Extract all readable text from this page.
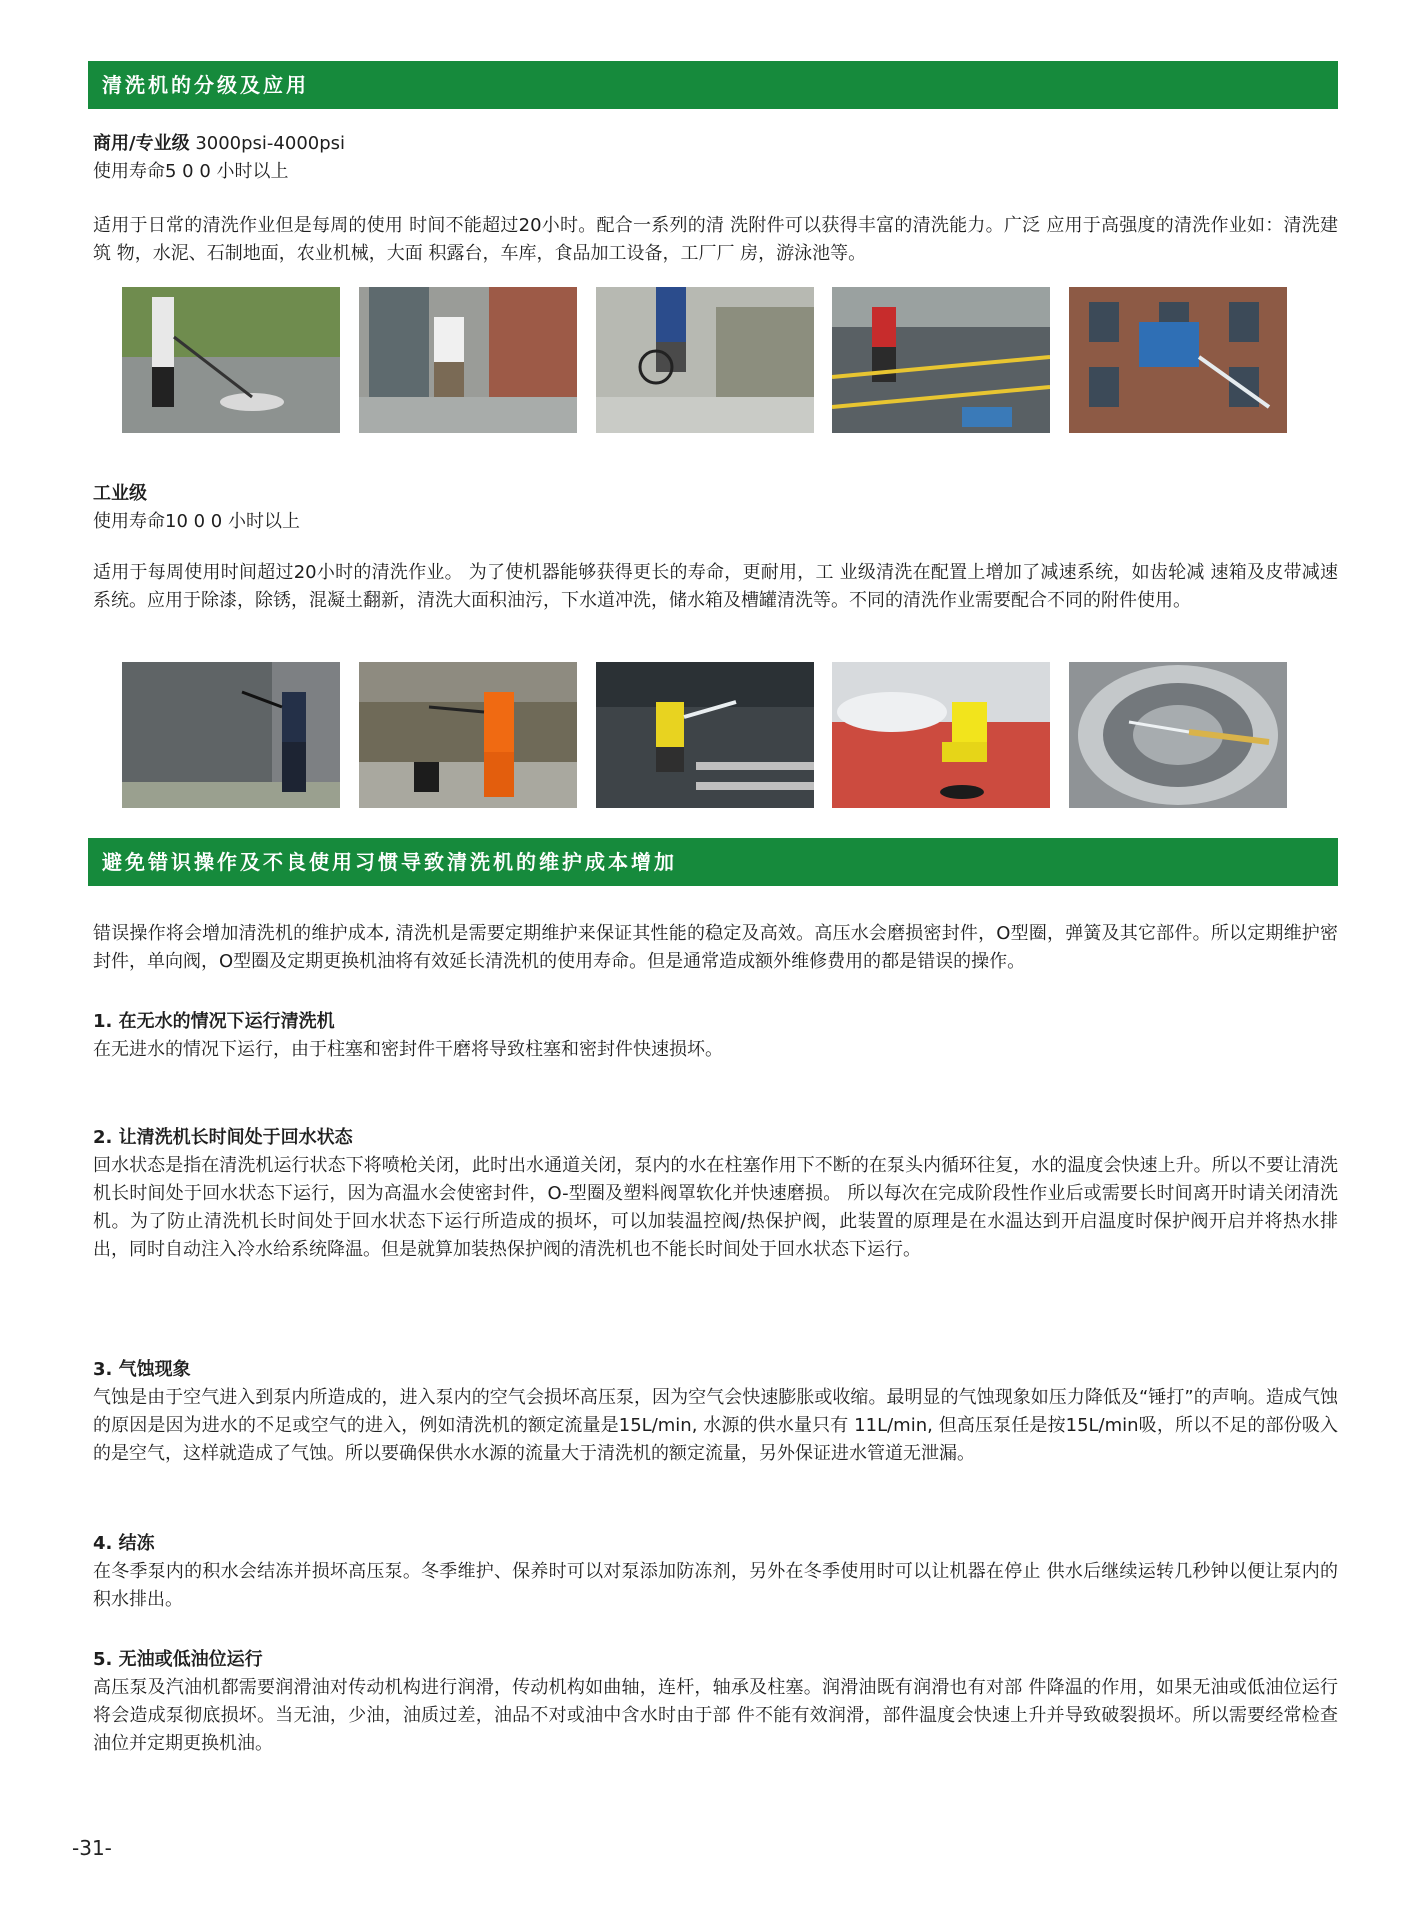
清洗机的分级及应用

商用/专业级 3000psi-4000psi

使用寿命5 0 0 小时以上

适用于日常的清洗作业但是每周的使用 时间不能超过20小时。配合一系列的清 洗附件可以获得丰富的清洗能力。广泛 应用于高强度的清洗作业如：清洗建筑 物，水泥、石制地面，农业机械，大面 积露台，车库，食品加工设备，工厂厂 房，游泳池等。

工业级

使用寿命10 0 0 小时以上

适用于每周使用时间超过20小时的清洗作业。 为了使机器能够获得更长的寿命，更耐用，工 业级清洗在配置上增加了减速系统，如齿轮减 速箱及皮带减速系统。应用于除漆，除锈，混凝土翻新，清洗大面积油污，下水道冲洗，储水箱及槽罐清洗等。不同的清洗作业需要配合不同的附件使用。

避免错识操作及不良使用习惯导致清洗机的维护成本增加

错误操作将会增加清洗机的维护成本, 清洗机是需要定期维护来保证其性能的稳定及高效。高压水会磨损密封件，O型圈，弹簧及其它部件。所以定期维护密封件，单向阀，O型圈及定期更换机油将有效延长清洗机的使用寿命。但是通常造成额外维修费用的都是错误的操作。

1. 在无水的情况下运行清洗机

在无进水的情况下运行，由于柱塞和密封件干磨将导致柱塞和密封件快速损坏。

2. 让清洗机长时间处于回水状态

回水状态是指在清洗机运行状态下将喷枪关闭，此时出水通道关闭，泵内的水在柱塞作用下不断的在泵头内循环往复，水的温度会快速上升。所以不要让清洗机长时间处于回水状态下运行，因为高温水会使密封件，O-型圈及塑料阀罩软化并快速磨损。 所以每次在完成阶段性作业后或需要长时间离开时请关闭清洗机。为了防止清洗机长时间处于回水状态下运行所造成的损坏，可以加装温控阀/热保护阀，此装置的原理是在水温达到开启温度时保护阀开启并将热水排出，同时自动注入冷水给系统降温。但是就算加装热保护阀的清洗机也不能长时间处于回水状态下运行。

3. 气蚀现象

气蚀是由于空气进入到泵内所造成的，进入泵内的空气会损坏高压泵，因为空气会快速膨胀或收缩。最明显的气蚀现象如压力降低及“锤打”的声响。造成气蚀的原因是因为进水的不足或空气的进入，例如清洗机的额定流量是15L/min, 水源的供水量只有 11L/min, 但高压泵任是按15L/min吸，所以不足的部份吸入的是空气，这样就造成了气蚀。所以要确保供水水源的流量大于清洗机的额定流量，另外保证进水管道无泄漏。

4. 结冻

在冬季泵内的积水会结冻并损坏高压泵。冬季维护、保养时可以对泵添加防冻剂，另外在冬季使用时可以让机器在停止 供水后继续运转几秒钟以便让泵内的积水排出。

5. 无油或低油位运行

高压泵及汽油机都需要润滑油对传动机构进行润滑，传动机构如曲轴，连杆，轴承及柱塞。润滑油既有润滑也有对部 件降温的作用，如果无油或低油位运行将会造成泵彻底损坏。当无油，少油，油质过差，油品不对或油中含水时由于部 件不能有效润滑，部件温度会快速上升并导致破裂损坏。所以需要经常检查油位并定期更换机油。

-31-
